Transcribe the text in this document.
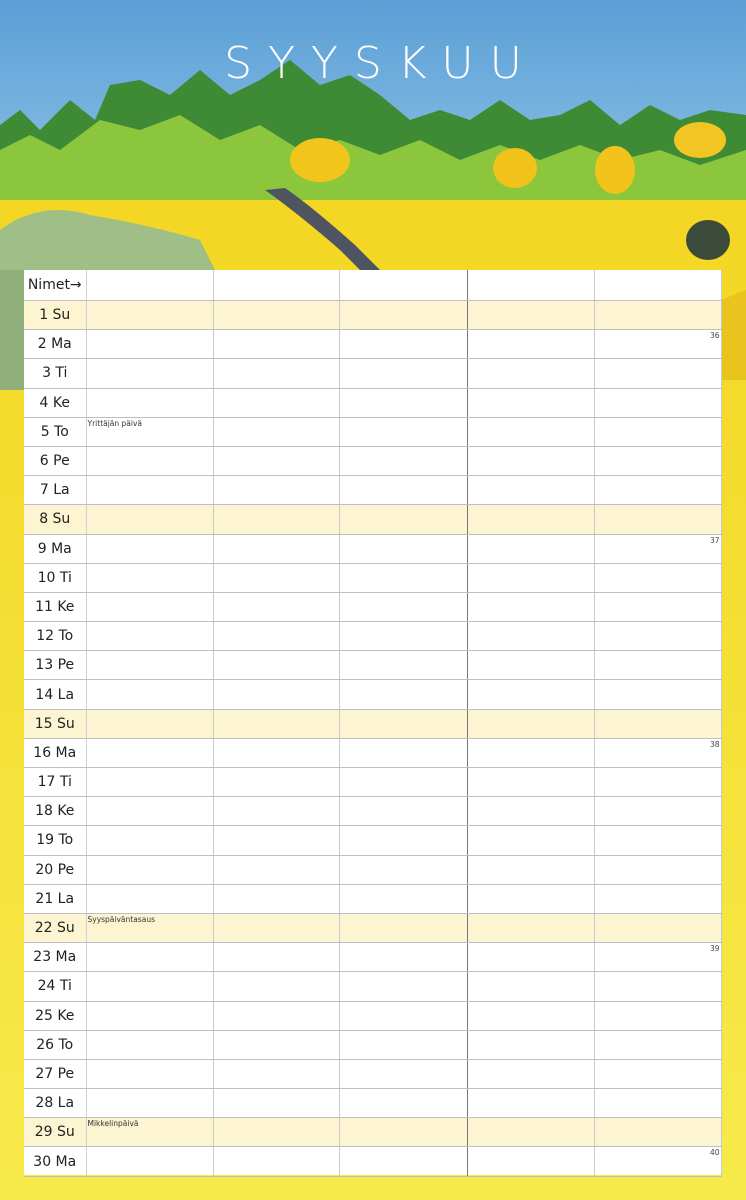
SYYSKUU
Nimet→					
1 Su					
2 Ma					36

3 Ti					
4 Ke					
5 To	Yrittäjän päivä				

6 Pe					
7 La					
8 Su					
9 Ma					37

10 Ti					
11 Ke					
12 To					
13 Pe					
14 La					
15 Su					
16 Ma					38

17 Ti					
18 Ke					
19 To					
20 Pe					
21 La					
22 Su	Syyspäiväntasaus				

23 Ma					39

24 Ti					
25 Ke					
26 To					
27 Pe					
28 La					
29 Su	Mikkelinpäivä				

30 Ma					40
